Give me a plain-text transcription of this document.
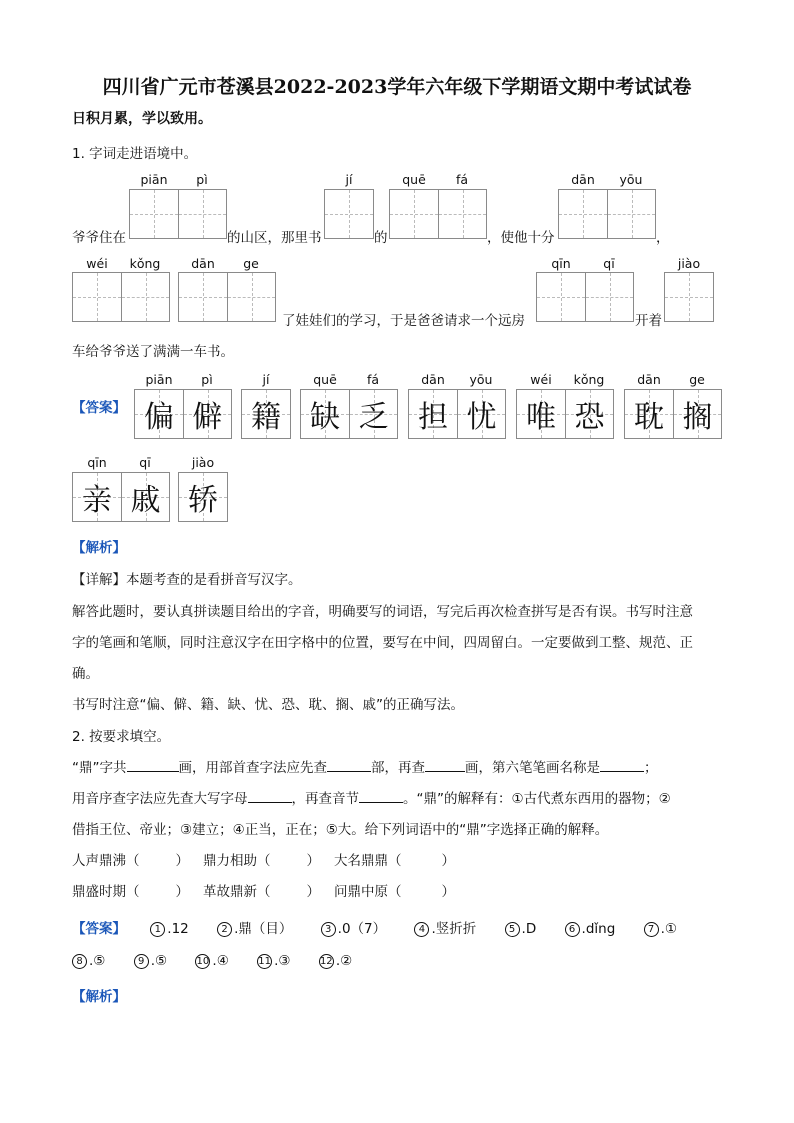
四川省广元市苍溪县2022-2023学年六年级下学期语文期中考试试卷
日积月累，学以致用。
1. 字词走进语境中。
piān	pì	jí	quē	fá	dān	yōu
爷爷住在	的山区，那里书	的	，使他十分	，
wéi	kǒng	dān	ge	qīn	qī	jiào
了娃娃们的学习，于是爸爸请求一个远房	开着
车给爷爷送了满满一车书。
【答案】
piān	pì
偏 僻
jí
籍
quē	fá
缺 乏
dān	yōu
担 忧
wéi	kǒng
唯 恐
dān	ge
耽 搁
qīn	qī
亲 戚
jiào
轿
【解析】
【详解】本题考查的是看拼音写汉字。
解答此题时，要认真拼读题目给出的字音，明确要写的词语，写完后再次检查拼写是否有误。书写时注意
字的笔画和笔顺，同时注意汉字在田字格中的位置，要写在中间，四周留白。一定要做到工整、规范、正
确。
书写时注意“偏、僻、籍、缺、忧、恐、耽、搁、戚”的正确写法。
2. 按要求填空。
“鼎”字共	画，用部首查字法应先查	部，再查	画，第六笔笔画名称是	；
用音序查字法应先查大写字母	，再查音节	。“鼎”的解释有：①古代煮东西用的器物；②
借指王位、帝业；③建立；④正当，正在；⑤大。给下列词语中的“鼎”字选择正确的解释。
人声鼎沸（	） 鼎力相助（	） 大名鼎鼎（	）
鼎盛时期（	） 革故鼎新（	） 问鼎中原（	）
【答案】	1 .12	2 .鼎（目）	3 .0（7）	4 .竖折折	5 .D	6 .dǐng	7 .①
8 .⑤	9 .⑤	10 .④	11 .③	12 .②
【解析】
